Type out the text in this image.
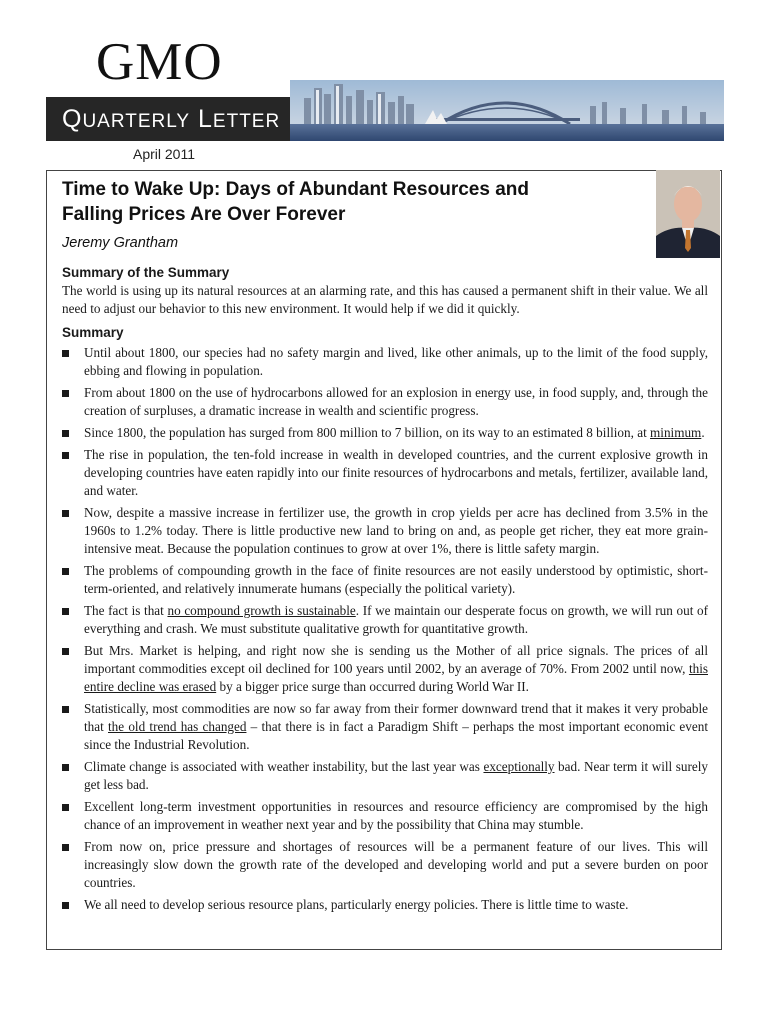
GMO
QUARTERLY LETTER
April 2011
Time to Wake Up: Days of Abundant Resources and
Falling Prices Are Over Forever
Jeremy Grantham
Summary of the Summary

The world is using up its natural resources at an alarming rate, and this has caused a permanent shift in their value. We all need to adjust our behavior to this new environment. It would help if we did it quickly.

Summary
Until about 1800, our species had no safety margin and lived, like other animals, up to the limit of the food supply, ebbing and flowing in population.
From about 1800 on the use of hydrocarbons allowed for an explosion in energy use, in food supply, and, through the creation of surpluses, a dramatic increase in wealth and scientific progress.
Since 1800, the population has surged from 800 million to 7 billion, on its way to an estimated 8 billion, at minimum.
The rise in population, the ten-fold increase in wealth in developed countries, and the current explosive growth in developing countries have eaten rapidly into our finite resources of hydrocarbons and metals, fertilizer, available land, and water.
Now, despite a massive increase in fertilizer use, the growth in crop yields per acre has declined from 3.5% in the 1960s to 1.2% today. There is little productive new land to bring on and, as people get richer, they eat more grain-intensive meat. Because the population continues to grow at over 1%, there is little safety margin.
The problems of compounding growth in the face of finite resources are not easily understood by optimistic, short-term-oriented, and relatively innumerate humans (especially the political variety).
The fact is that no compound growth is sustainable. If we maintain our desperate focus on growth, we will run out of everything and crash. We must substitute qualitative growth for quantitative growth.
But Mrs. Market is helping, and right now she is sending us the Mother of all price signals. The prices of all important commodities except oil declined for 100 years until 2002, by an average of 70%. From 2002 until now, this entire decline was erased by a bigger price surge than occurred during World War II.
Statistically, most commodities are now so far away from their former downward trend that it makes it very probable that the old trend has changed – that there is in fact a Paradigm Shift – perhaps the most important economic event since the Industrial Revolution.
Climate change is associated with weather instability, but the last year was exceptionally bad. Near term it will surely get less bad.
Excellent long-term investment opportunities in resources and resource efficiency are compromised by the high chance of an improvement in weather next year and by the possibility that China may stumble.
From now on, price pressure and shortages of resources will be a permanent feature of our lives. This will increasingly slow down the growth rate of the developed and developing world and put a severe burden on poor countries.
We all need to develop serious resource plans, particularly energy policies. There is little time to waste.
